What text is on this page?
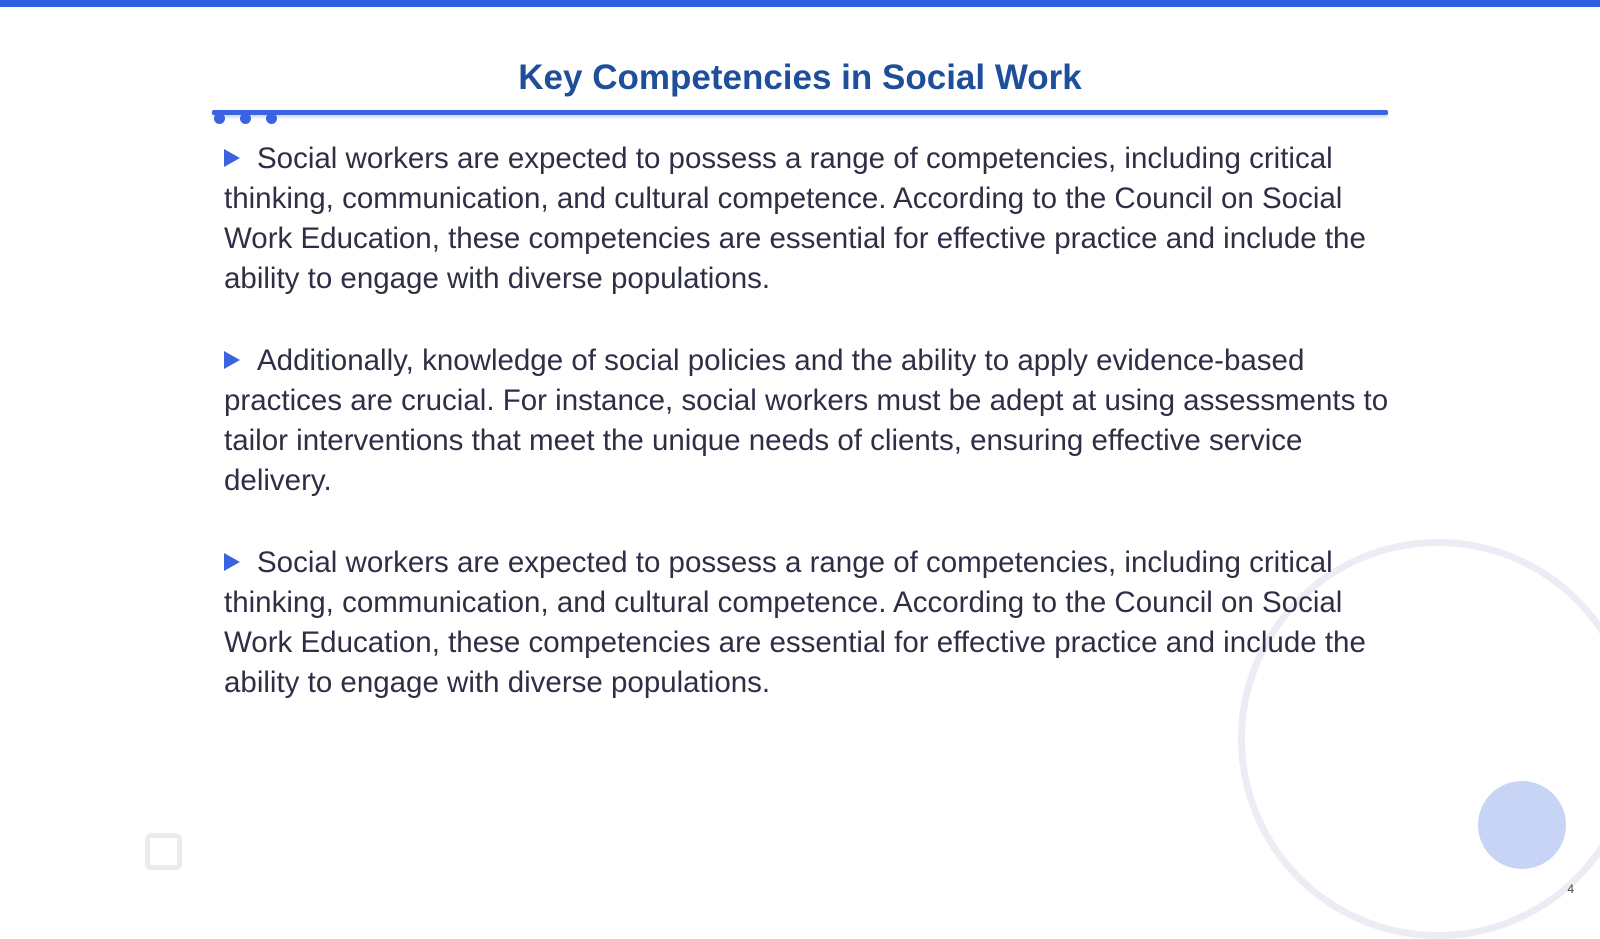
Key Competencies in Social Work

Social workers are expected to possess a range of competencies, including critical thinking, communication, and cultural competence. According to the Council on Social Work Education, these competencies are essential for effective practice and include the ability to engage with diverse populations.

Additionally, knowledge of social policies and the ability to apply evidence-based practices are crucial. For instance, social workers must be adept at using assessments to tailor interventions that meet the unique needs of clients, ensuring effective service delivery.

Social workers are expected to possess a range of competencies, including critical thinking, communication, and cultural competence. According to the Council on Social Work Education, these competencies are essential for effective practice and include the ability to engage with diverse populations.

4
